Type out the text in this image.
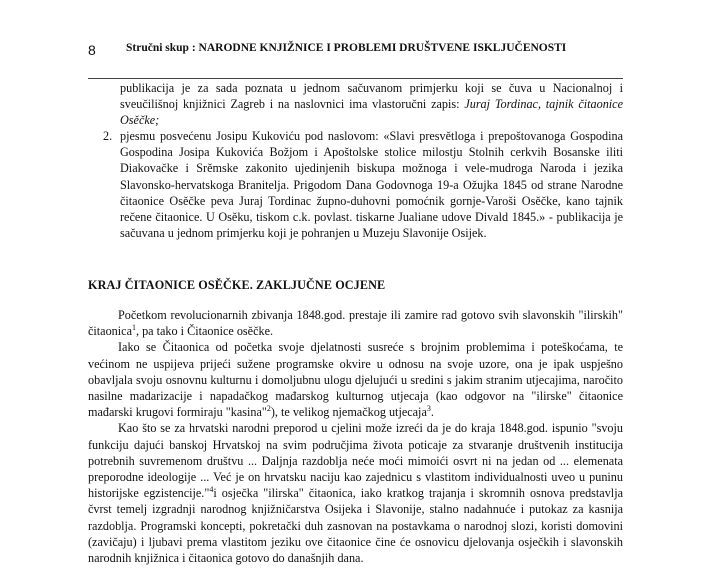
8	Stručni skup : NARODNE KNJIŽNICE I PROBLEMI DRUŠTVENE ISKLJUČENOSTI

publikacija je za sada poznata u jednom sačuvanom primjerku koji se čuva u Nacionalnoj i sveučilišnoj knjižnici Zagreb i na naslovnici ima vlastoručni zapis: Juraj Tordinac, tajnik čitaonice Osěčke;

2. pjesmu posvećenu Josipu Kukoviću pod naslovom: «Slavi presvětloga i prepoštovanoga Gospodina Gospodina Josipa Kukovića Božjom i Apoštolske stolice milostju Stolnih cerkvih Bosanske iliti Diakovačke i Srěmske zakonito ujedinjenih biskupa možnoga i vele-mudroga Naroda i jezika Slavonsko-hervatskoga Branitelja. Prigodom Dana Godovnoga 19-a Ožujka 1845 od strane Narodne čitaonice Osěčke peva Juraj Tordinac župno-duhovni pomoćnik gornje-Varoši Osěčke, kano tajnik rečene čitaonice. U Osěku, tiskom c.k. povlast. tiskarne Jualiane udove Divald 1845.» - publikacija je sačuvana u jednom primjerku koji je pohranjen u Muzeju Slavonije Osijek.

KRAJ ČITAONICE OSĚČKE. ZAKLJUČNE OCJENE

Početkom revolucionarnih zbivanja 1848.god. prestaje ili zamire rad gotovo svih slavonskih "ilirskih" čitaonica$^1$, pa tako i Čitaonice osěčke.

Iako se Čitaonica od početka svoje djelatnosti susreće s brojnim problemima i poteškoćama, te većinom ne uspijeva prijeći sužene programske okvire u odnosu na svoje uzore, ona je ipak uspješno obavljala svoju osnovnu kulturnu i domoljubnu ulogu djelujući u sredini s jakim stranim utjecajima, naročito nasilne madarizacije i napadačkog mađarskog kulturnog utjecaja (kao odgovor na "ilirske" čitaonice mađarski krugovi formiraju "kasina"$^2$), te velikog njemačkog utjecaja$^3$.

Kao što se za hrvatski narodni preporod u cjelini može izreći da je do kraja 1848.god. ispunio "svoju funkciju dajući banskoj Hrvatskoj na svim područjima života poticaje za stvaranje društvenih institucija potrebnih suvremenom društvu ... Daljnja razdoblja neće moći mimoići osvrt ni na jedan od ... elemenata preporodne ideologije ... Već je on hrvatsku naciju kao zajednicu s vlastitom individualnosti uveo u puninu historijske egzistencije."$^4$i osječka "ilirska" čitaonica, iako kratkog trajanja i skromnih osnova predstavlja čvrst temelj izgradnji narodnog knjižničarstva Osijeka i Slavonije, stalno nadahnuće i putokaz za kasnija razdoblja. Programski koncepti, pokretački duh zasnovan na postavkama o narodnoj slozi, koristi domovini (zavičaju) i ljubavi prema vlastitom jeziku ove čitaonice čine će osnovicu djelovanja osječkih i slavonskih narodnih knjižnica i čitaonica gotovo do današnjih dana.
